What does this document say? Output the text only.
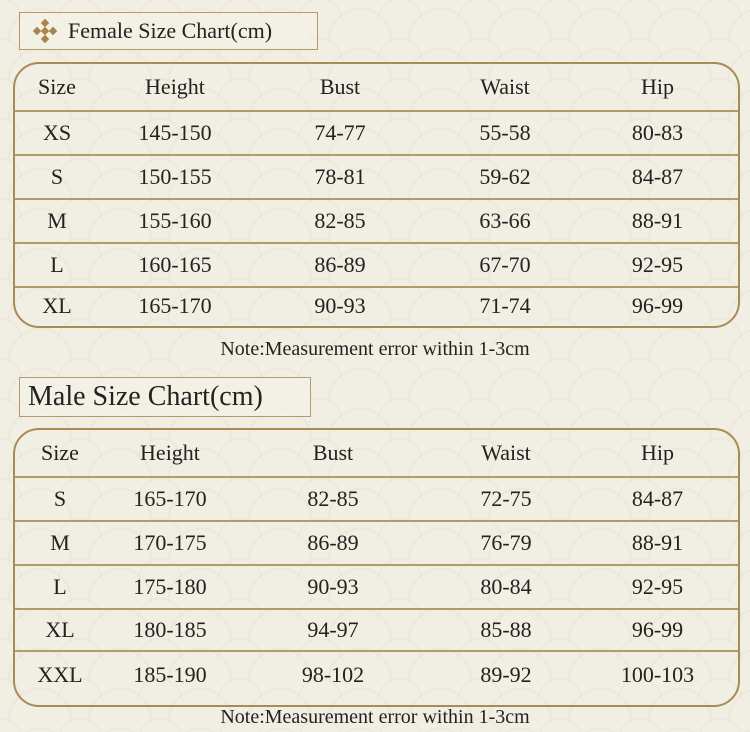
Female Size Chart(cm)
Size	Height	Bust	Waist	Hip
XS	145-150	74-77	55-58	80-83
S	150-155	78-81	59-62	84-87
M	155-160	82-85	63-66	88-91
L	160-165	86-89	67-70	92-95
XL	165-170	90-93	71-74	96-99
Note:Measurement error within 1-3cm
Male Size Chart(cm)
Size	Height	Bust	Waist	Hip
S	165-170	82-85	72-75	84-87
M	170-175	86-89	76-79	88-91
L	175-180	90-93	80-84	92-95
XL	180-185	94-97	85-88	96-99
XXL	185-190	98-102	89-92	100-103
Note:Measurement error within 1-3cm
